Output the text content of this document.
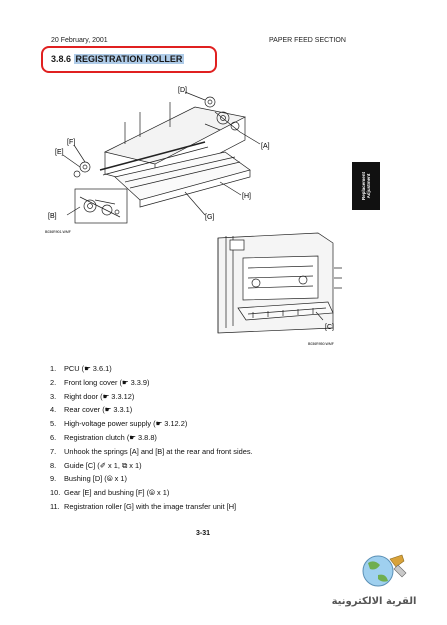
20 February, 2001	PAPER FEED SECTION
3.8.6 REGISTRATION ROLLER
[D]
[F]
[E]
[A]
[H]
[B]	[G]
B036R901.WMF
Replacement Adjustment
[C]
B036R950.WMF
1. PCU (☛ 3.6.1)
2. Front long cover (☛ 3.3.9)
3. Right door (☛ 3.3.12)
4. Rear cover (☛ 3.3.1)
5. High-voltage power supply (☛ 3.12.2)
6. Registration clutch (☛ 3.8.8)
7. Unhook the springs [A] and [B] at the rear and front sides.
8. Guide [C] (✐ x 1, ⧉ x 1)
9. Bushing [D] (⦾ x 1)
10. Gear [E] and bushing [F] (⦾ x 1)
11. Registration roller [G] with the image transfer unit [H]
3-31
القرية الالكترونية
